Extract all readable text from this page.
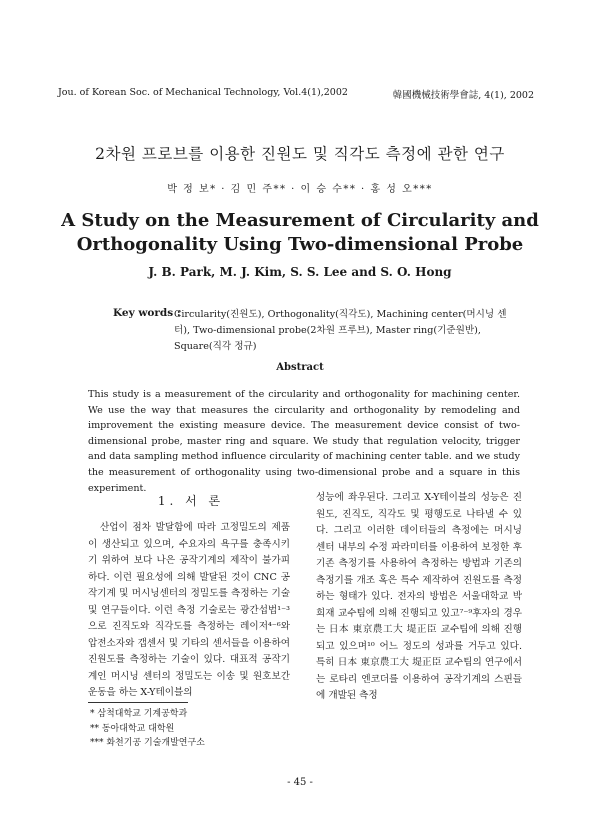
Jou. of Korean Soc. of Mechanical Technology, Vol.4(1),2002	韓國機械技術學會誌, 4(1), 2002
2차원 프로브를 이용한 진원도 및 직각도 측정에 관한 연구
박 정 보* · 김 민 주** · 이 승 수** · 홍 성 오***
A Study on the Measurement of Circularity and Orthogonality Using Two-dimensional Probe
J. B. Park, M. J. Kim, S. S. Lee and S. O. Hong
Key words :
Circularity(진원도), Orthogonality(직각도), Machining center(머시닝 센터), Two-dimensional probe(2차원 프루브), Master ring(기준원반), Square(직각 정규)
Abstract
This study is a measurement of the circularity and orthogonality for machining center. We use the way that measures the circularity and orthogonality by remodeling and improvement the existing measure device. The measurement device consist of two-dimensional probe, master ring and square. We study that regulation velocity, trigger and data sampling method influence circularity of machining center table. and we study the measurement of orthogonality using two-dimensional probe and a square in this experiment.
1. 서 론
산업이 점차 발달함에 따라 고정밀도의 제품이 생산되고 있으며, 수요자의 욕구를 충족시키기 위하여 보다 나은 공작기계의 제작이 불가피하다. 이런 필요성에 의해 발달된 것이 CNC 공작기계 및 머시닝센터의 정밀도를 측정하는 기술 및 연구들이다. 이런 측정 기술로는 광간섭법¹⁻³으로 진직도와 직각도를 측정하는 레이저⁴⁻⁶와 압전소자와 갭센서 및 기타의 센서들을 이용하여 진원도를 측정하는 기술이 있다. 대표적 공작기계인 머시닝 센터의 정밀도는 이송 및 원호보간운동을 하는 X-Y테이블의
성능에 좌우된다. 그리고 X-Y테이블의 성능은 진원도, 진직도, 직각도 및 평행도로 나타낼 수 있다. 그리고 이러한 데이터들의 측정에는 머시닝 센터 내부의 수정 파라미터를 이용하여 보정한 후 기존 측정기를 사용하여 측정하는 방법과 기존의 측정기를 개조 혹은 특수 제작하여 진원도를 측정하는 형태가 있다. 전자의 방법은 서울대학교 박희재 교수팀에 의해 진행되고 있고⁷⁻⁹후자의 경우는 日本 東京農工大 堤正臣 교수팀에 의해 진행되고 있으며¹⁰ 어느 정도의 성과를 거두고 있다. 특히 日本 東京農工大 堤正臣 교수팀의 연구에서는 로타리 엔코더를 이용하여 공작기계의 스핀들에 개발된 측정
* 삼척대학교 기계공학과
** 동아대학교 대학원
*** 화천기공 기술개발연구소
- 45 -
